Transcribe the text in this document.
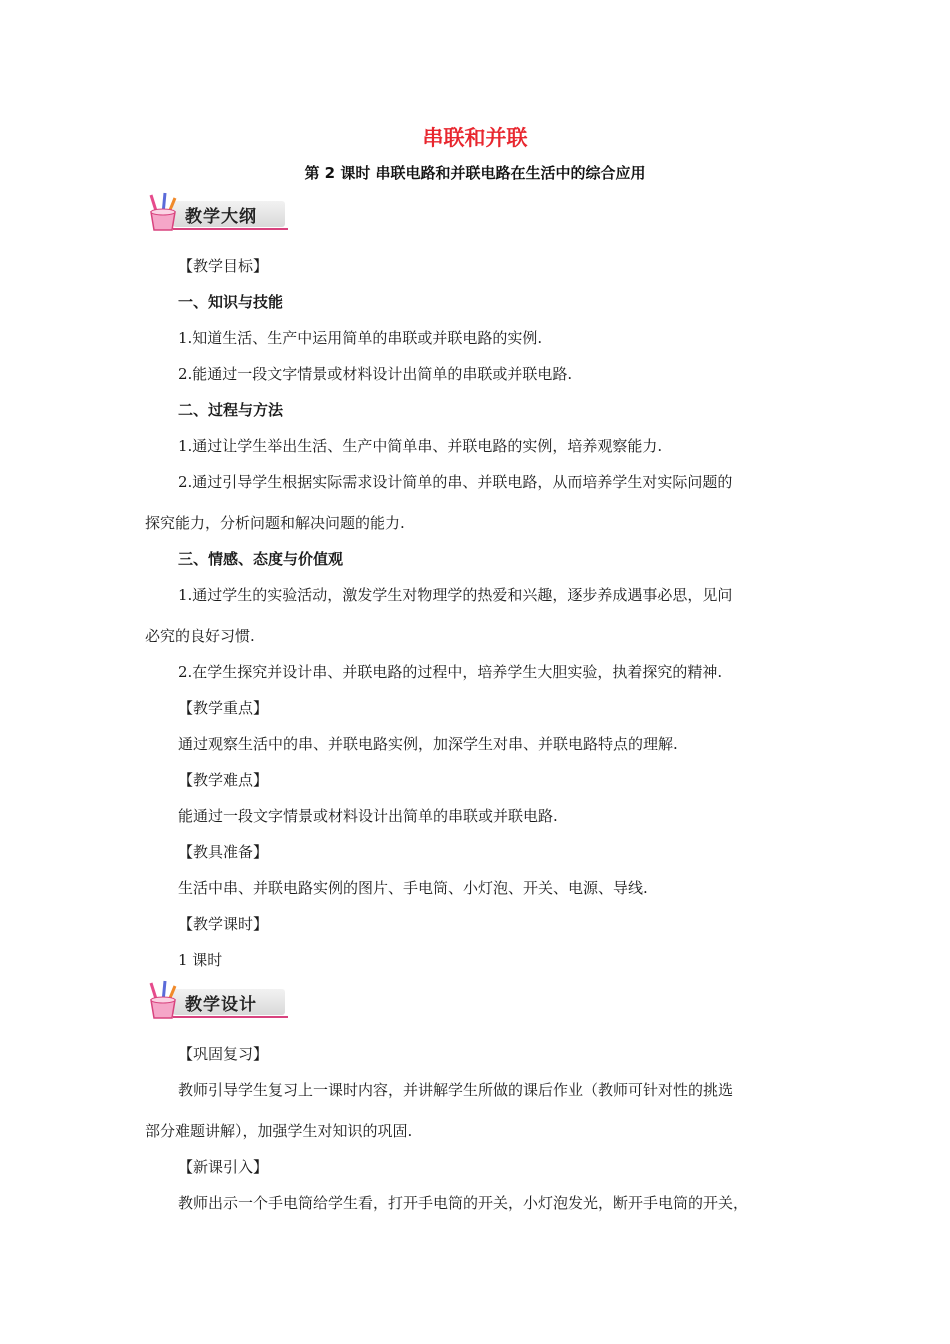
串联和并联
第 2 课时 串联电路和并联电路在生活中的综合应用
教学大纲
教学设计
【教学目标】
一、知识与技能
1.知道生活、生产中运用简单的串联或并联电路的实例.
2.能通过一段文字情景或材料设计出简单的串联或并联电路.
二、过程与方法
1.通过让学生举出生活、生产中简单串、并联电路的实例，培养观察能力.
2.通过引导学生根据实际需求设计简单的串、并联电路，从而培养学生对实际问题的
探究能力，分析问题和解决问题的能力.
三、情感、态度与价值观
1.通过学生的实验活动，激发学生对物理学的热爱和兴趣，逐步养成遇事必思，见问
必究的良好习惯.
2.在学生探究并设计串、并联电路的过程中，培养学生大胆实验，执着探究的精神.
【教学重点】
通过观察生活中的串、并联电路实例，加深学生对串、并联电路特点的理解.
【教学难点】
能通过一段文字情景或材料设计出简单的串联或并联电路.
【教具准备】
生活中串、并联电路实例的图片、手电筒、小灯泡、开关、电源、导线.
【教学课时】
1 课时
【巩固复习】
教师引导学生复习上一课时内容，并讲解学生所做的课后作业（教师可针对性的挑选
部分难题讲解），加强学生对知识的巩固.
【新课引入】
教师出示一个手电筒给学生看，打开手电筒的开关，小灯泡发光，断开手电筒的开关，
